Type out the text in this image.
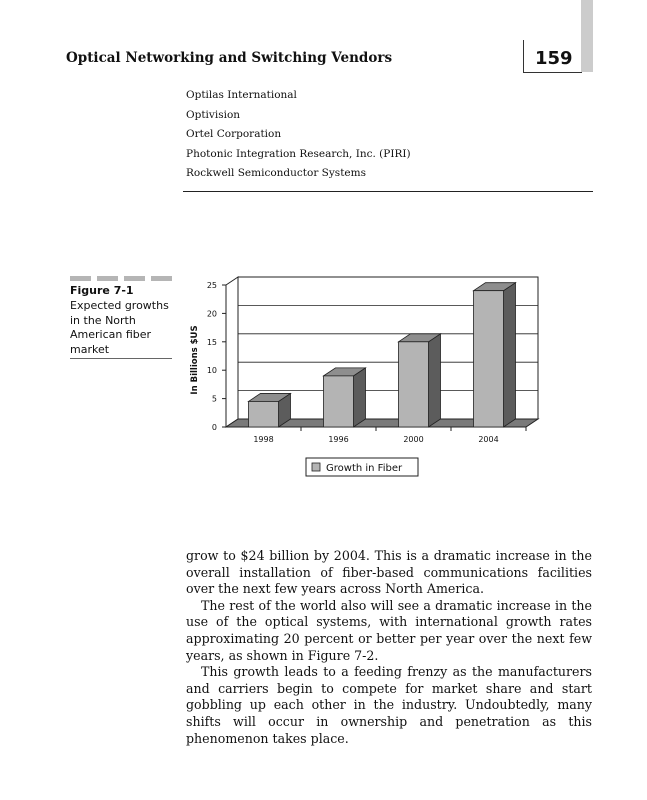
Optical Networking and Switching Vendors	159
Optilas International
Optivision
Ortel Corporation
Photonic Integration Research, Inc. (PIRI)
Rockwell Semiconductor Systems
Figure 7-1
Expected growths in the North American fiber market
0
5
10
15
20
25
In Billions $US
1998	1996	2000	2004
Growth in Fiber

grow to $24 billion by 2004. This is a dramatic increase in the overall installation of fiber-based communications facilities over the next few years across North America.

The rest of the world also will see a dramatic increase in the use of the optical systems, with international growth rates approximating 20 percent or better per year over the next few years, as shown in Figure 7-2.

This growth leads to a feeding frenzy as the manufacturers and carriers begin to compete for market share and start gobbling up each other in the industry. Undoubtedly, many shifts will occur in ownership and penetration as this phenomenon takes place.
